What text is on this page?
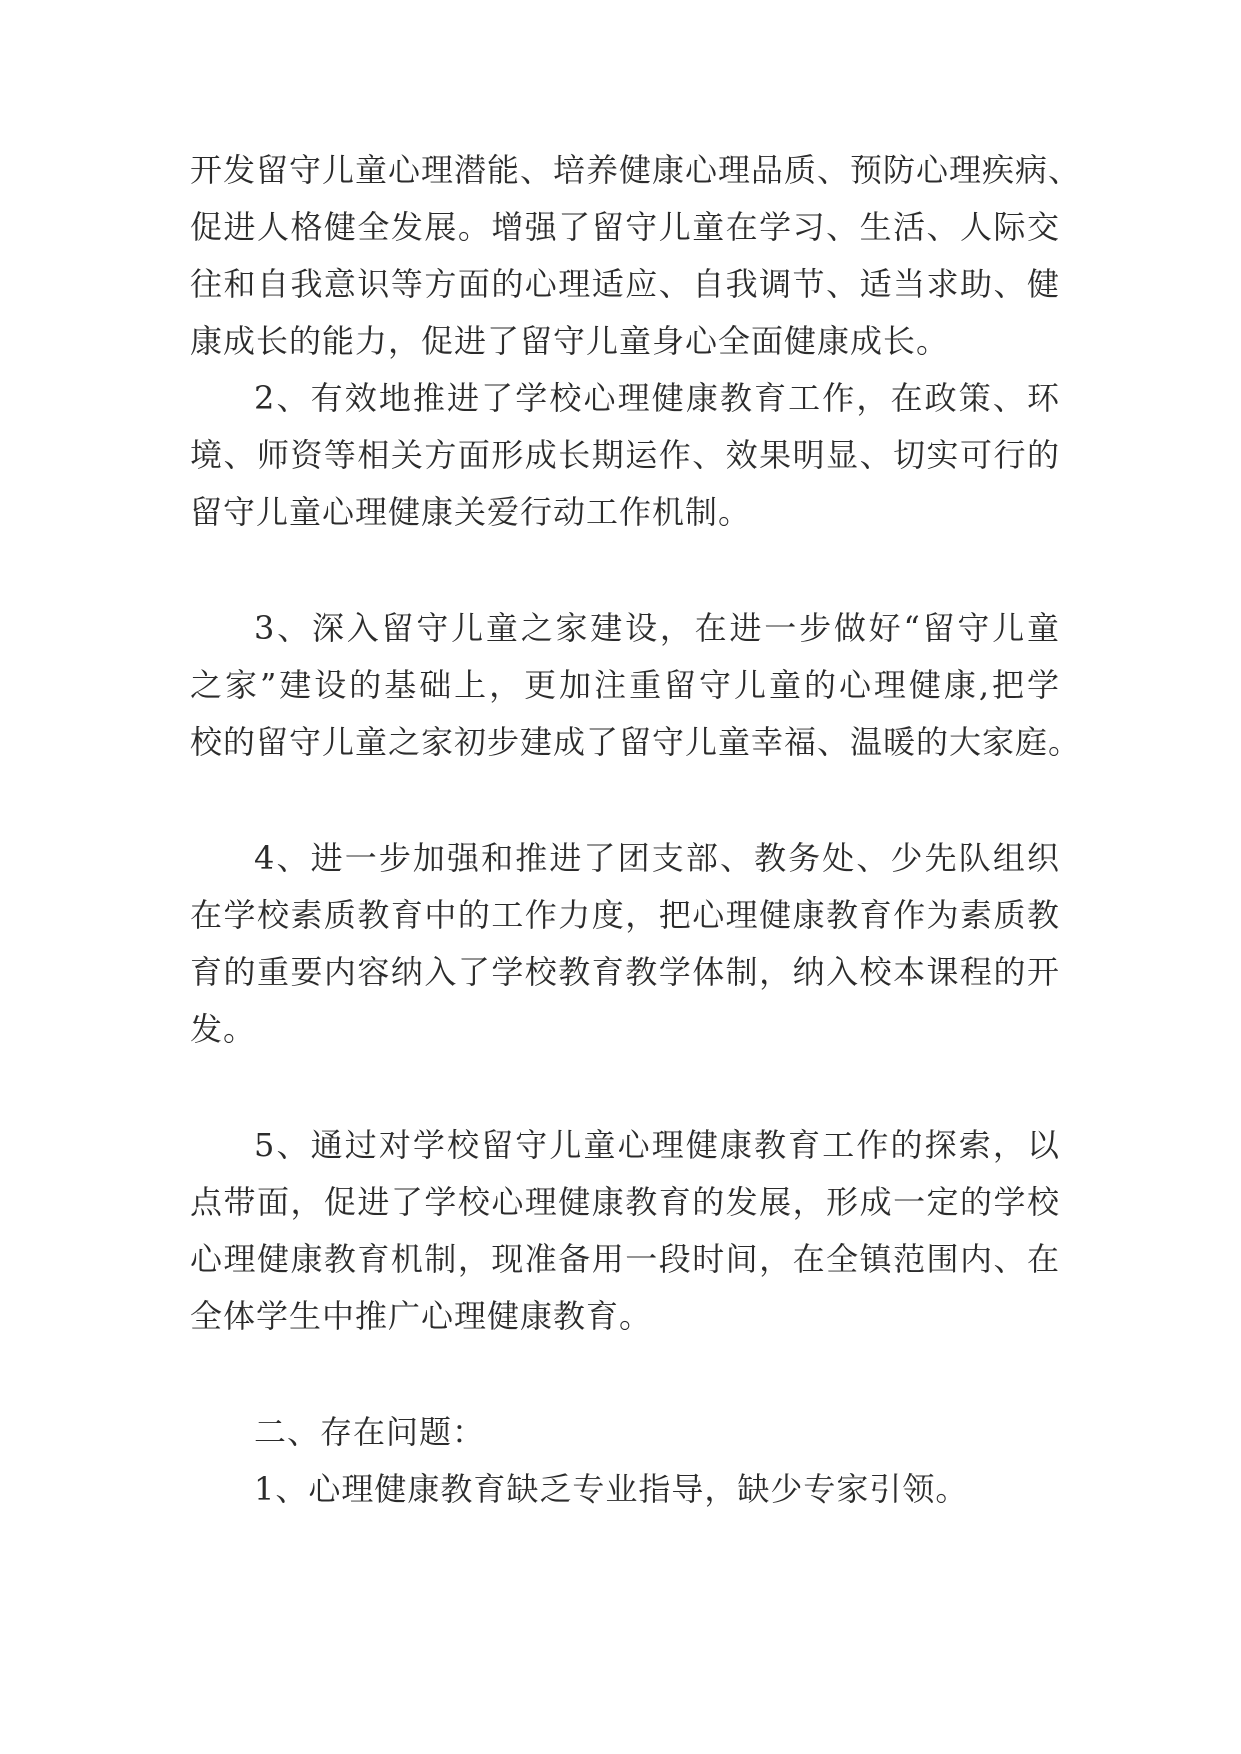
开发留守儿童心理潜能、培养健康心理品质、预防心理疾病、
促进人格健全发展。增强了留守儿童在学习、生活、人际交
往和自我意识等方面的心理适应、自我调节、适当求助、健
康成长的能力，促进了留守儿童身心全面健康成长。
2、有效地推进了学校心理健康教育工作，在政策、环
境、师资等相关方面形成长期运作、效果明显、切实可行的
留守儿童心理健康关爱行动工作机制。
3、深入留守儿童之家建设，在进一步做好“留守儿童
之家”建设的基础上，更加注重留守儿童的心理健康,把学
校的留守儿童之家初步建成了留守儿童幸福、温暖的大家庭。
4、进一步加强和推进了团支部、教务处、少先队组织
在学校素质教育中的工作力度，把心理健康教育作为素质教
育的重要内容纳入了学校教育教学体制，纳入校本课程的开
发。
5、通过对学校留守儿童心理健康教育工作的探索，以
点带面，促进了学校心理健康教育的发展，形成一定的学校
心理健康教育机制，现准备用一段时间，在全镇范围内、在
全体学生中推广心理健康教育。
二、存在问题：
1、心理健康教育缺乏专业指导，缺少专家引领。
